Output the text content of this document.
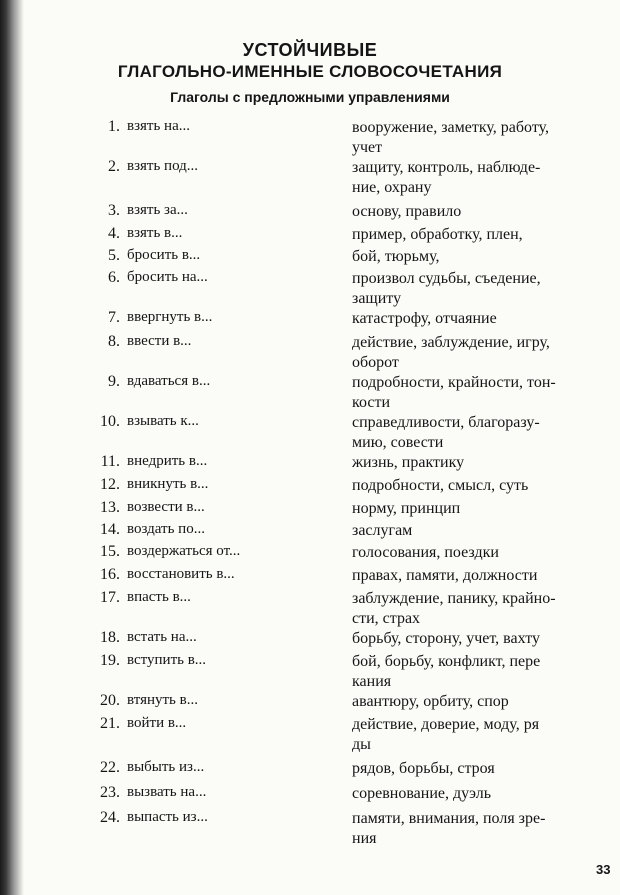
УСТОЙЧИВЫЕ
ГЛАГОЛЬНО-ИМЕННЫЕ СЛОВОСОЧЕТАНИЯ
Глаголы с предложными управлениями
1. взять на...	вооружение, заметку, работу,
учет
2. взять под...	защиту, контроль, наблюде-
ние, охрану
3. взять за...	основу, правило
4. взять в...	пример, обработку, плен,
5. бросить в...	бой, тюрьму,
6. бросить на...	произвол судьбы, съедение,
защиту
7. ввергнуть в...	катастрофу, отчаяние
8. ввести в...	действие, заблуждение, игру,
оборот
9. вдаваться в...	подробности, крайности, тон-
кости
10. взывать к...	справедливости, благоразу-
мию, совести
11. внедрить в...	жизнь, практику
12. вникнуть в...	подробности, смысл, суть
13. возвести в...	норму, принцип
14. воздать по...	заслугам
15. воздержаться от...	голосования, поездки
16. восстановить в...	правах, памяти, должности
17. впасть в...	заблуждение, панику, крайно-
сти, страх
18. встать на...	борьбу, сторону, учет, вахту
19. вступить в...	бой, борьбу, конфликт, пере
кания
20. втянуть в...	авантюру, орбиту, спор
21. войти в...	действие, доверие, моду, ря
ды
22. выбыть из...	рядов, борьбы, строя
23. вызвать на...	соревнование, дуэль
24. выпасть из...	памяти, внимания, поля зре-
ния
33
